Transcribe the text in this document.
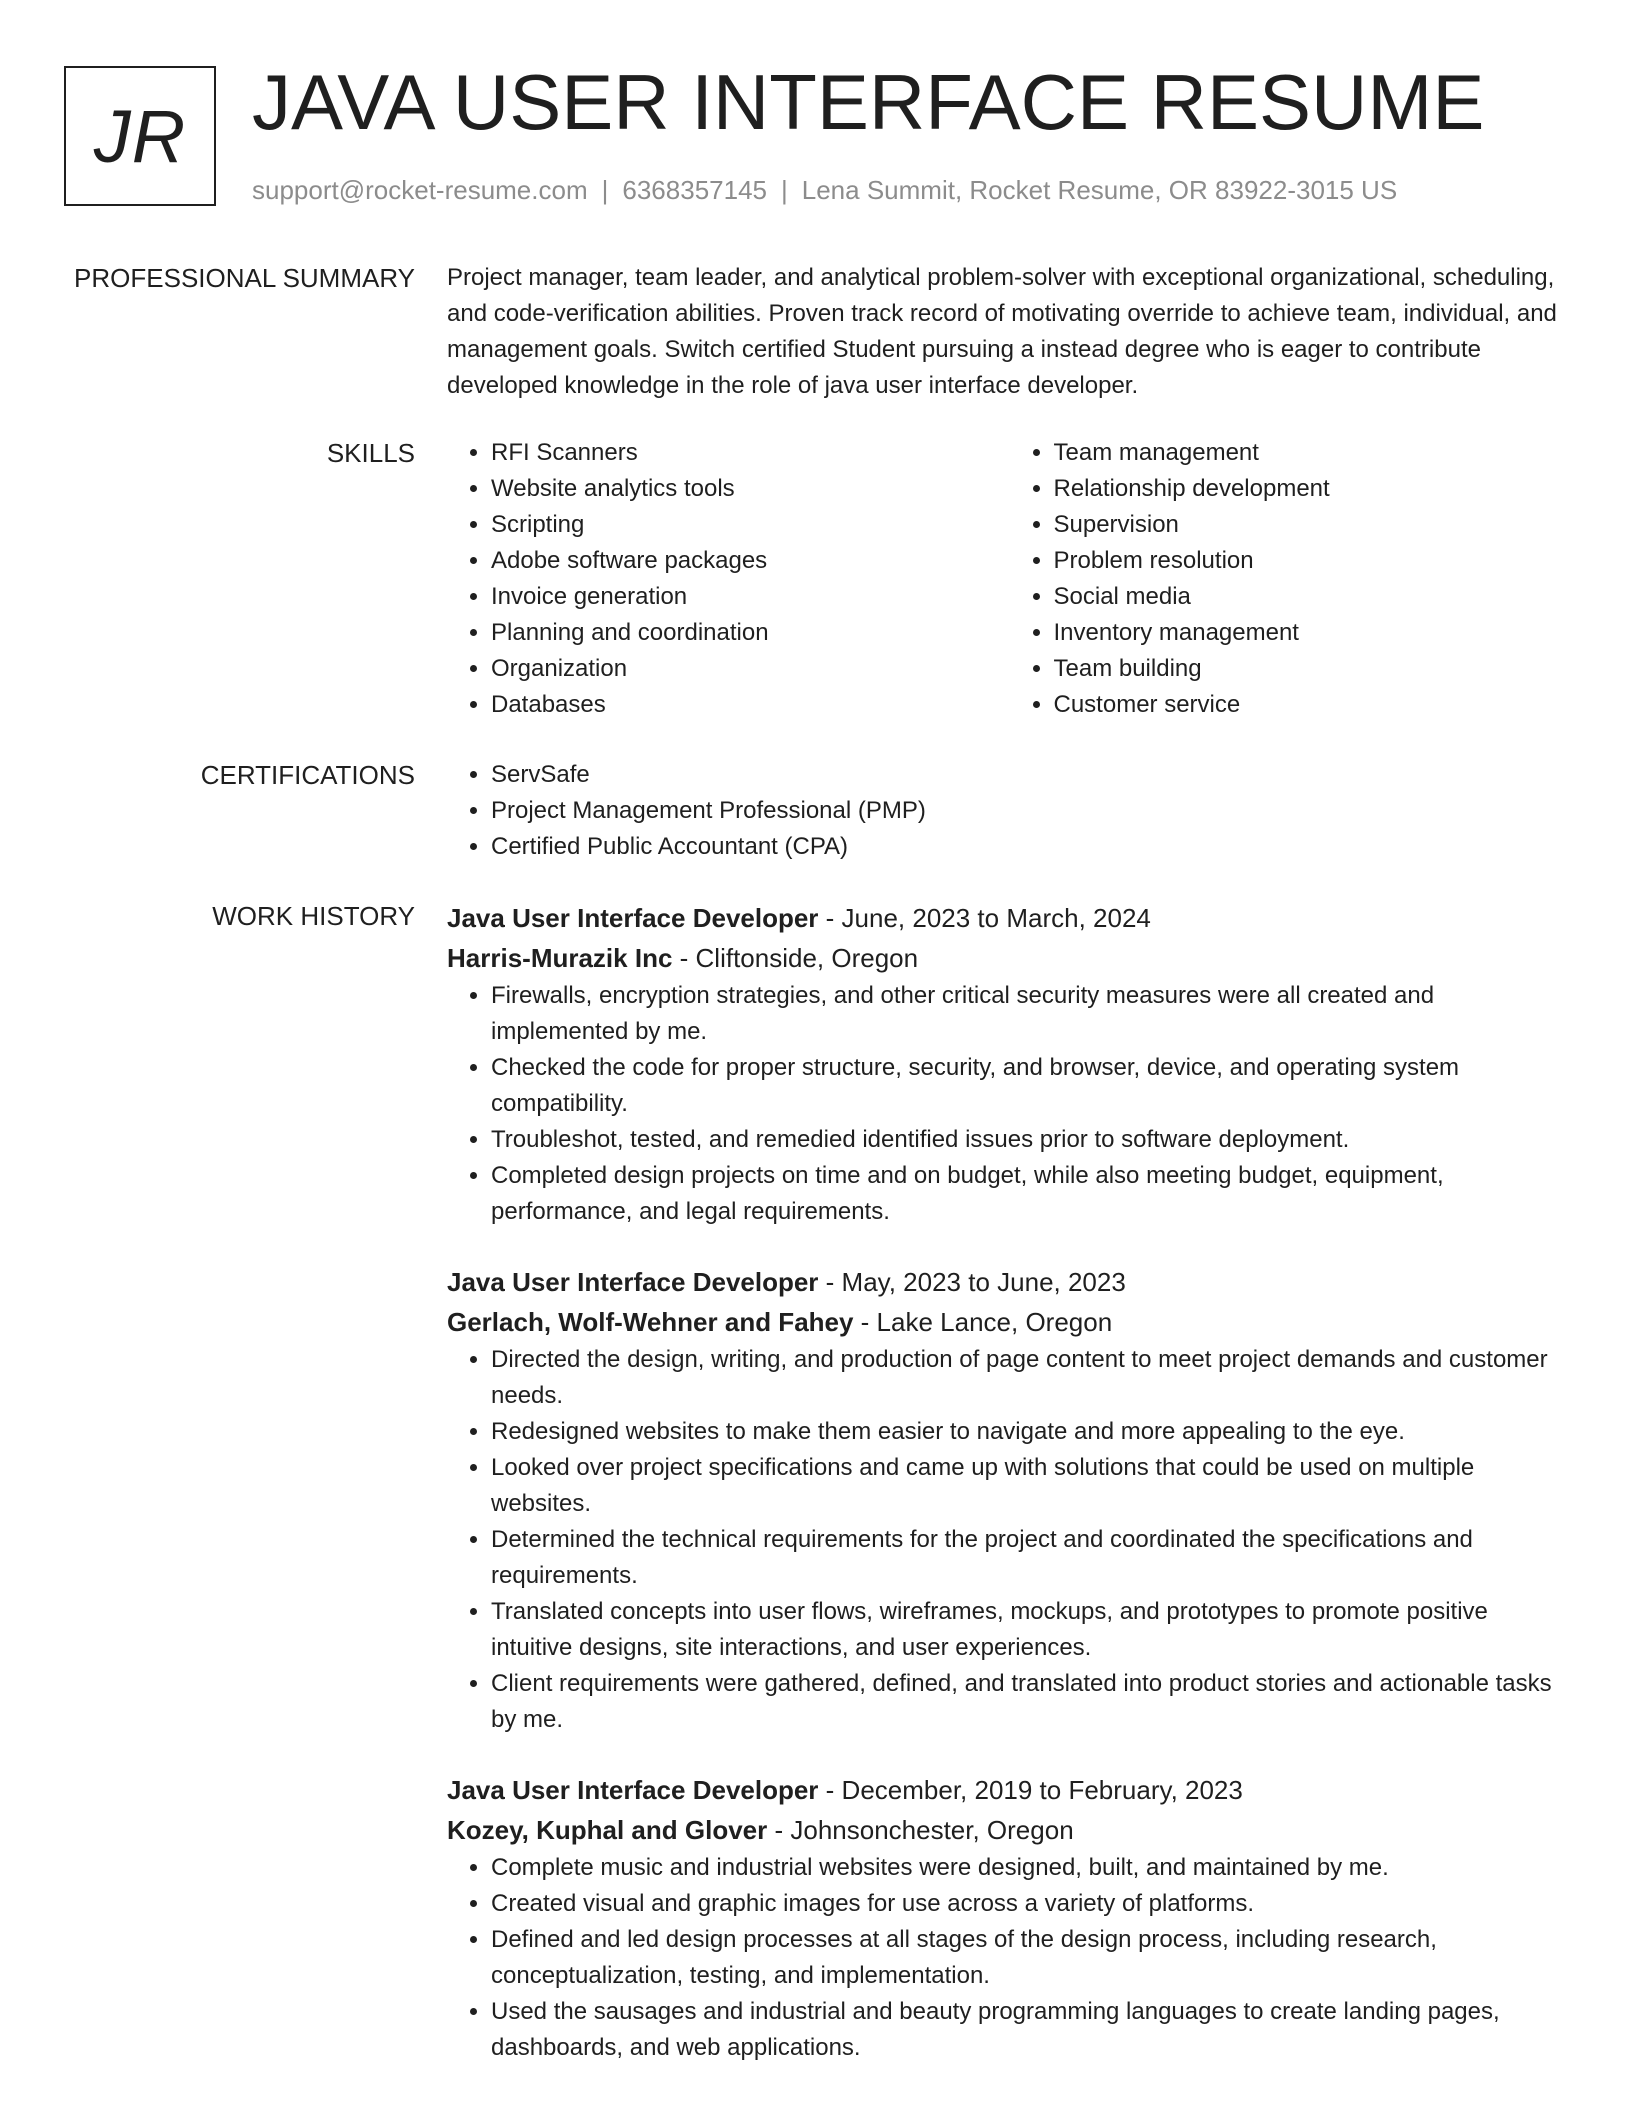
JR JAVA USER INTERFACE RESUME
support@rocket-resume.com | 6368357145 | Lena Summit, Rocket Resume, OR 83922-3015 US
PROFESSIONAL SUMMARY Project manager, team leader, and analytical problem-solver with exceptional organizational, scheduling, and code-verification abilities. Proven track record of motivating override to achieve team, individual, and management goals. Switch certified Student pursuing a instead degree who is eager to contribute developed knowledge in the role of java user interface developer.

SKILLS	• RFI Scanners
• Website analytics tools
• Scripting
• Adobe software packages
• Invoice generation
• Planning and coordination
• Organization
• Databases
• Team management
• Relationship development
• Supervision
• Problem resolution
• Social media
• Inventory management
• Team building
• Customer service
CERTIFICATIONS	• ServSafe
• Project Management Professional (PMP)
• Certified Public Accountant (CPA)
WORK HISTORY Java User Interface Developer - June, 2023 to March, 2024
Harris-Murazik Inc - Cliftonside, Oregon
• Firewalls, encryption strategies, and other critical security measures were all created and implemented by me.
• Checked the code for proper structure, security, and browser, device, and operating system compatibility.
• Troubleshot, tested, and remedied identified issues prior to software deployment.
• Completed design projects on time and on budget, while also meeting budget, equipment, performance, and legal requirements.
Java User Interface Developer - May, 2023 to June, 2023
Gerlach, Wolf-Wehner and Fahey - Lake Lance, Oregon
• Directed the design, writing, and production of page content to meet project demands and customer needs.
• Redesigned websites to make them easier to navigate and more appealing to the eye.
• Looked over project specifications and came up with solutions that could be used on multiple websites.
• Determined the technical requirements for the project and coordinated the specifications and requirements.
• Translated concepts into user flows, wireframes, mockups, and prototypes to promote positive intuitive designs, site interactions, and user experiences.
• Client requirements were gathered, defined, and translated into product stories and actionable tasks by me.
Java User Interface Developer - December, 2019 to February, 2023
Kozey, Kuphal and Glover - Johnsonchester, Oregon
• Complete music and industrial websites were designed, built, and maintained by me.
• Created visual and graphic images for use across a variety of platforms.
• Defined and led design processes at all stages of the design process, including research, conceptualization, testing, and implementation.
• Used the sausages and industrial and beauty programming languages to create landing pages, dashboards, and web applications.
